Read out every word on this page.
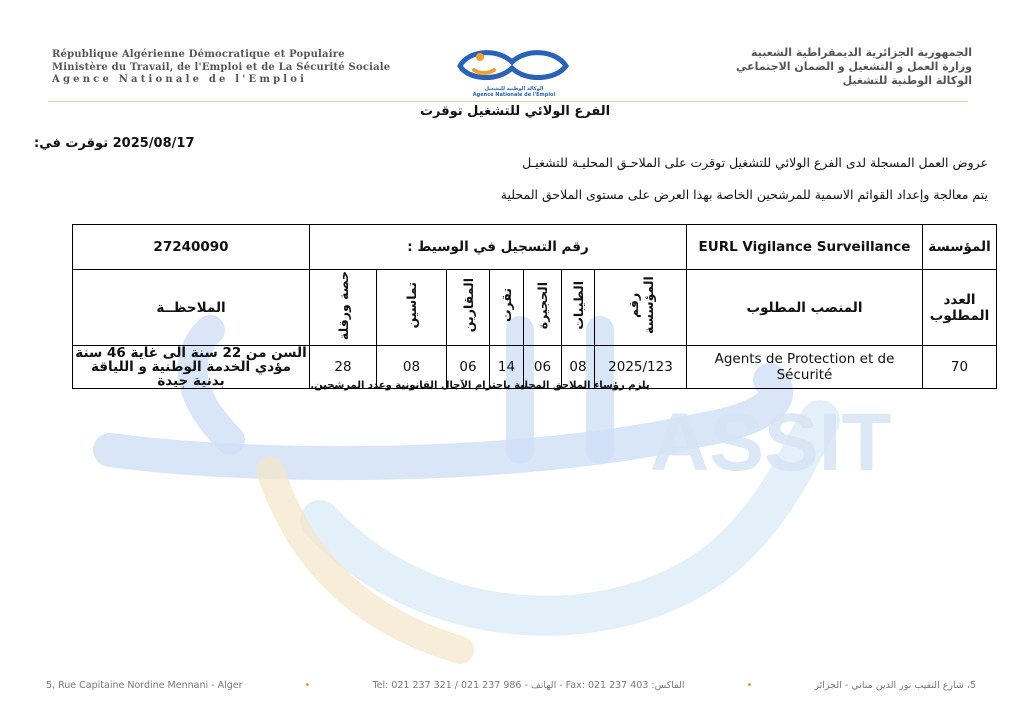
ASSIT
République Algérienne Démocratique et Populaire
Ministère du Travail, de l'Emploi et de La Sécurité Sociale
Agence Nationale de l'Emploi
الوكالة الوطنية للتشغيل
Agence Nationale de l'Emploi
الجمهورية الجزائرية الديمقراطية الشعبية
وزارة العمل و التشغيل و الضمان الاجتماعي
الوكالة الوطنية للتشغيل
الفرع الولائي للتشغيل توقرت
توقرت في: 2025/08/17
عروض العمل المسجلة لدى الفرع الولائي للتشغيل توقرت على الملاحـق المحليـة للتشغيـل
يتم معالجة وإعداد القوائم الاسمية للمرشحين الخاصة بهذا العرض على مستوى الملاحق المحلية
المؤسسة	EURL Vigilance Surveillance	رقم التسجيل في الوسيط :							27240090
العدد المطلوب	المنصب المطلوب	رقم المؤسسة	الطيبات	الحجيرة	تقرت	المقارين	تماسين	حصة ورقلة	الملاحظــة
70	Agents de Protection et de Sécurité	2025/123	08	06	14	06	08	28	السن من 22 سنة الى غاية 46 سنة مؤدي الخدمة الوطنية و اللياقة بدنية جيدة	يلزم رؤساء الملاحق المحلية باحترام الآجال القانونية وعدد المرشحين.
5, Rue Capitaine Nordine Mennani - Alger	•	Tel: 021 237 321 / 021 237 986 - الهاتف - Fax: 021 237 403 :الفاكس	•	5، شارع النقيب نور الدين مناني - الجزائر
